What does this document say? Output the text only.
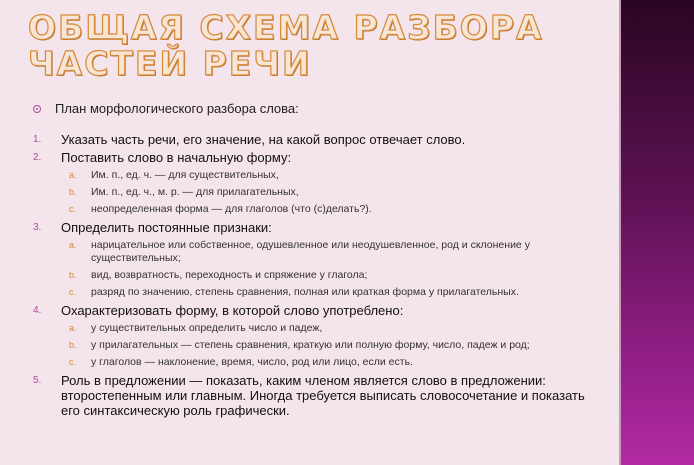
ОБЩАЯ СХЕМА РАЗБОРА ЧАСТЕЙ РЕЧИ
План морфологического разбора слова:
1. Указать часть речи, его значение, на какой вопрос отвечает слово.
2. Поставить слово в начальную форму:
a. Им. п., ед. ч. — для существительных,
b. Им. п., ед. ч., м. р. — для прилагательных,
c. неопределенная форма — для глаголов (что (с)делать?).
3. Определить постоянные признаки:
a. нарицательное или собственное, одушевленное или неодушевленное, род и склонение у существительных;
b. вид, возвратность, переходность и спряжение у глагола;
c. разряд по значению, степень сравнения, полная или краткая форма у прилагательных.
4. Охарактеризовать форму, в которой слово употреблено:
a. у существительных определить число и падеж,
b. у прилагательных — степень сравнения, краткую или полную форму, число, падеж и род;
c. у глаголов — наклонение, время, число, род или лицо, если есть.
5. Роль в предложении — показать, каким членом является слово в предложении: второстепенным или главным. Иногда требуется выписать словосочетание и показать его синтаксическую роль графически.
